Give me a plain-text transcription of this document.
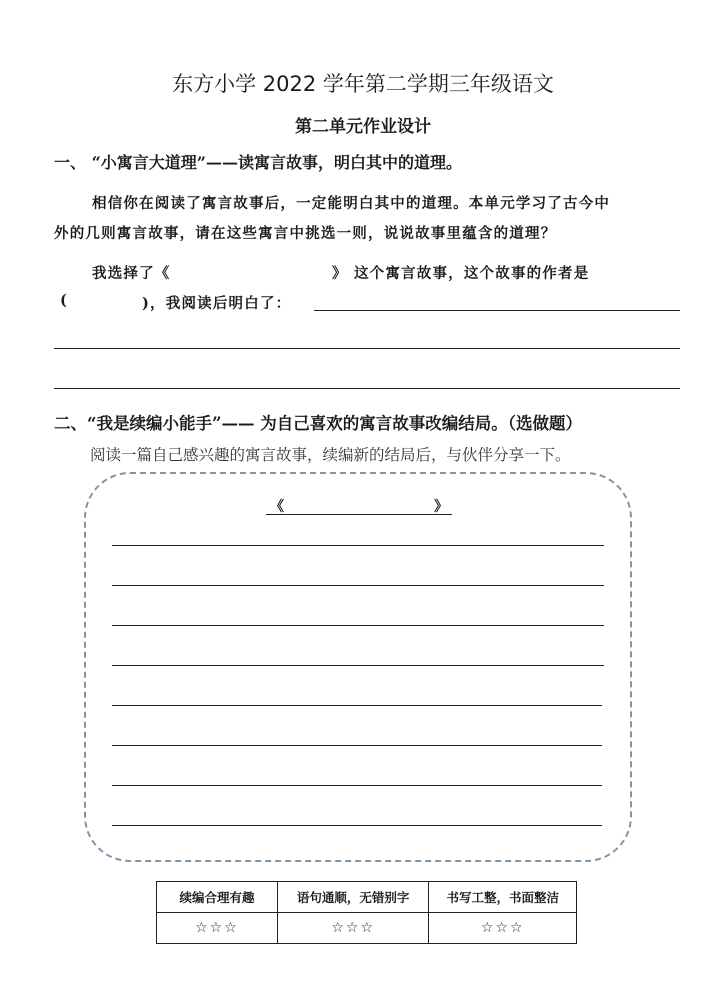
东方小学 2022 学年第二学期三年级语文
第二单元作业设计
一、 “小寓言大道理”——读寓言故事，明白其中的道理。
相信你在阅读了寓言故事后，一定能明白其中的道理。本单元学习了古今中
外的几则寓言故事，请在这些寓言中挑选一则，说说故事里蕴含的道理？
我选择了《	》 这个寓言故事，这个故事的作者是
(	)，我阅读后明白了：
二、“我是续编小能手”—— 为自己喜欢的寓言故事改编结局。（选做题）
阅读一篇自己感兴趣的寓言故事，续编新的结局后，与伙伴分享一下。
《	》
续编合理有趣	语句通顺，无错别字	书写工整，书面整洁
☆☆☆	☆☆☆	☆☆☆
